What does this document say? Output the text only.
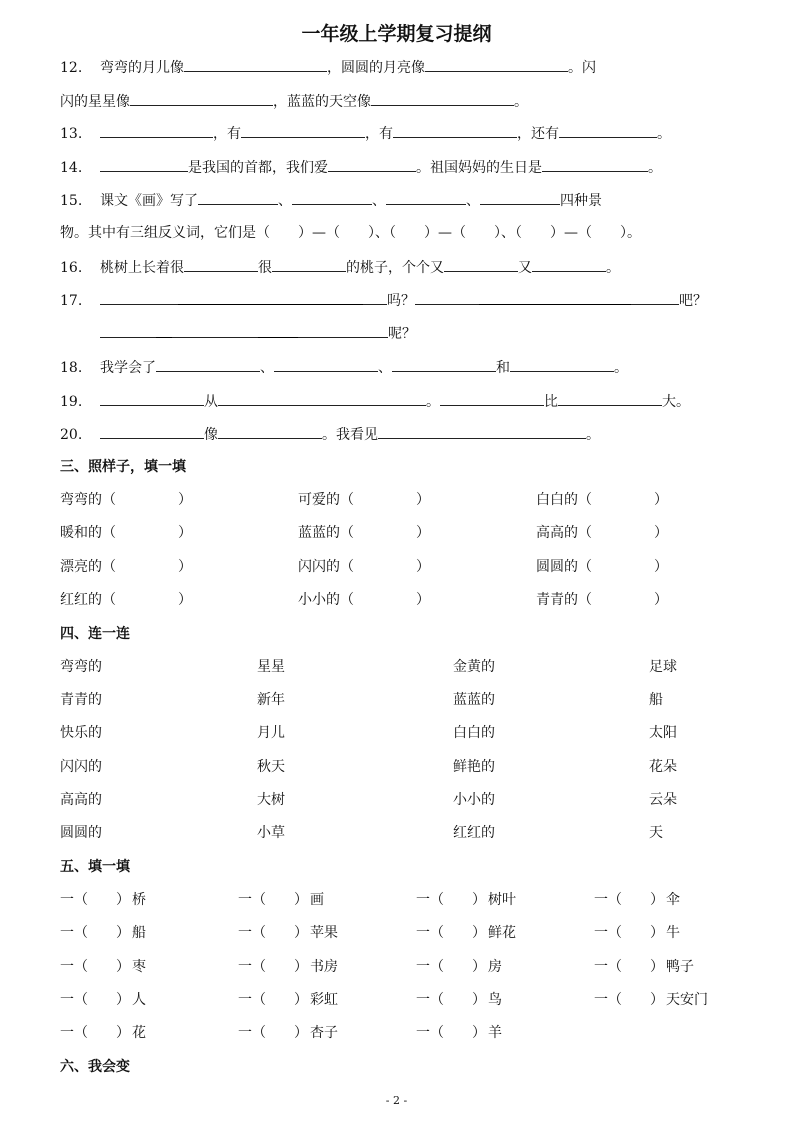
一年级上学期复习提纲
12. 弯弯的月儿像	，圆圆的月亮像	。闪
闪的星星像	，蓝蓝的天空像	。
13.	，有	，有	，还有	。
14.	是我国的首都，我们爱	。祖国妈妈的生日是	。
15. 课文《画》写了	、	、	、	四种景
物。其中有三组反义词，它们是（　　）—（　　）、（　　）—（　　）、（　　）—（　　）。
16. 桃树上长着很	很	的桃子，个个又	又	。
17.	吗？	吧？
呢？
18. 我学会了	、	、	和	。
19.	从	。	比	大。
20.	像	。我看见	。
三、照样子，填一填
弯弯的（	）	可爱的（	）	白白的（	）
暖和的（	）	蓝蓝的（	）	高高的（	）
漂亮的（	）	闪闪的（	）	圆圆的（	）
红红的（	）	小小的（	）	青青的（	）
四、连一连
弯弯的	星星	金黄的	足球
青青的	新年	蓝蓝的	船
快乐的	月儿	白白的	太阳
闪闪的	秋天	鲜艳的	花朵
高高的	大树	小小的	云朵
圆圆的	小草	红红的	天
五、填一填
一（　　） 桥	一（　　） 画	一（　　） 树叶	一（　　） 伞
一（　　） 船	一（　　） 苹果	一（　　） 鲜花	一（　　） 牛
一（　　） 枣	一（　　） 书房	一（　　） 房	一（　　） 鸭子
一（　　） 人	一（　　） 彩虹	一（　　） 鸟	一（　　） 天安门
一（　　） 花	一（　　） 杏子	一（　　） 羊
六、我会变
- 2 -
